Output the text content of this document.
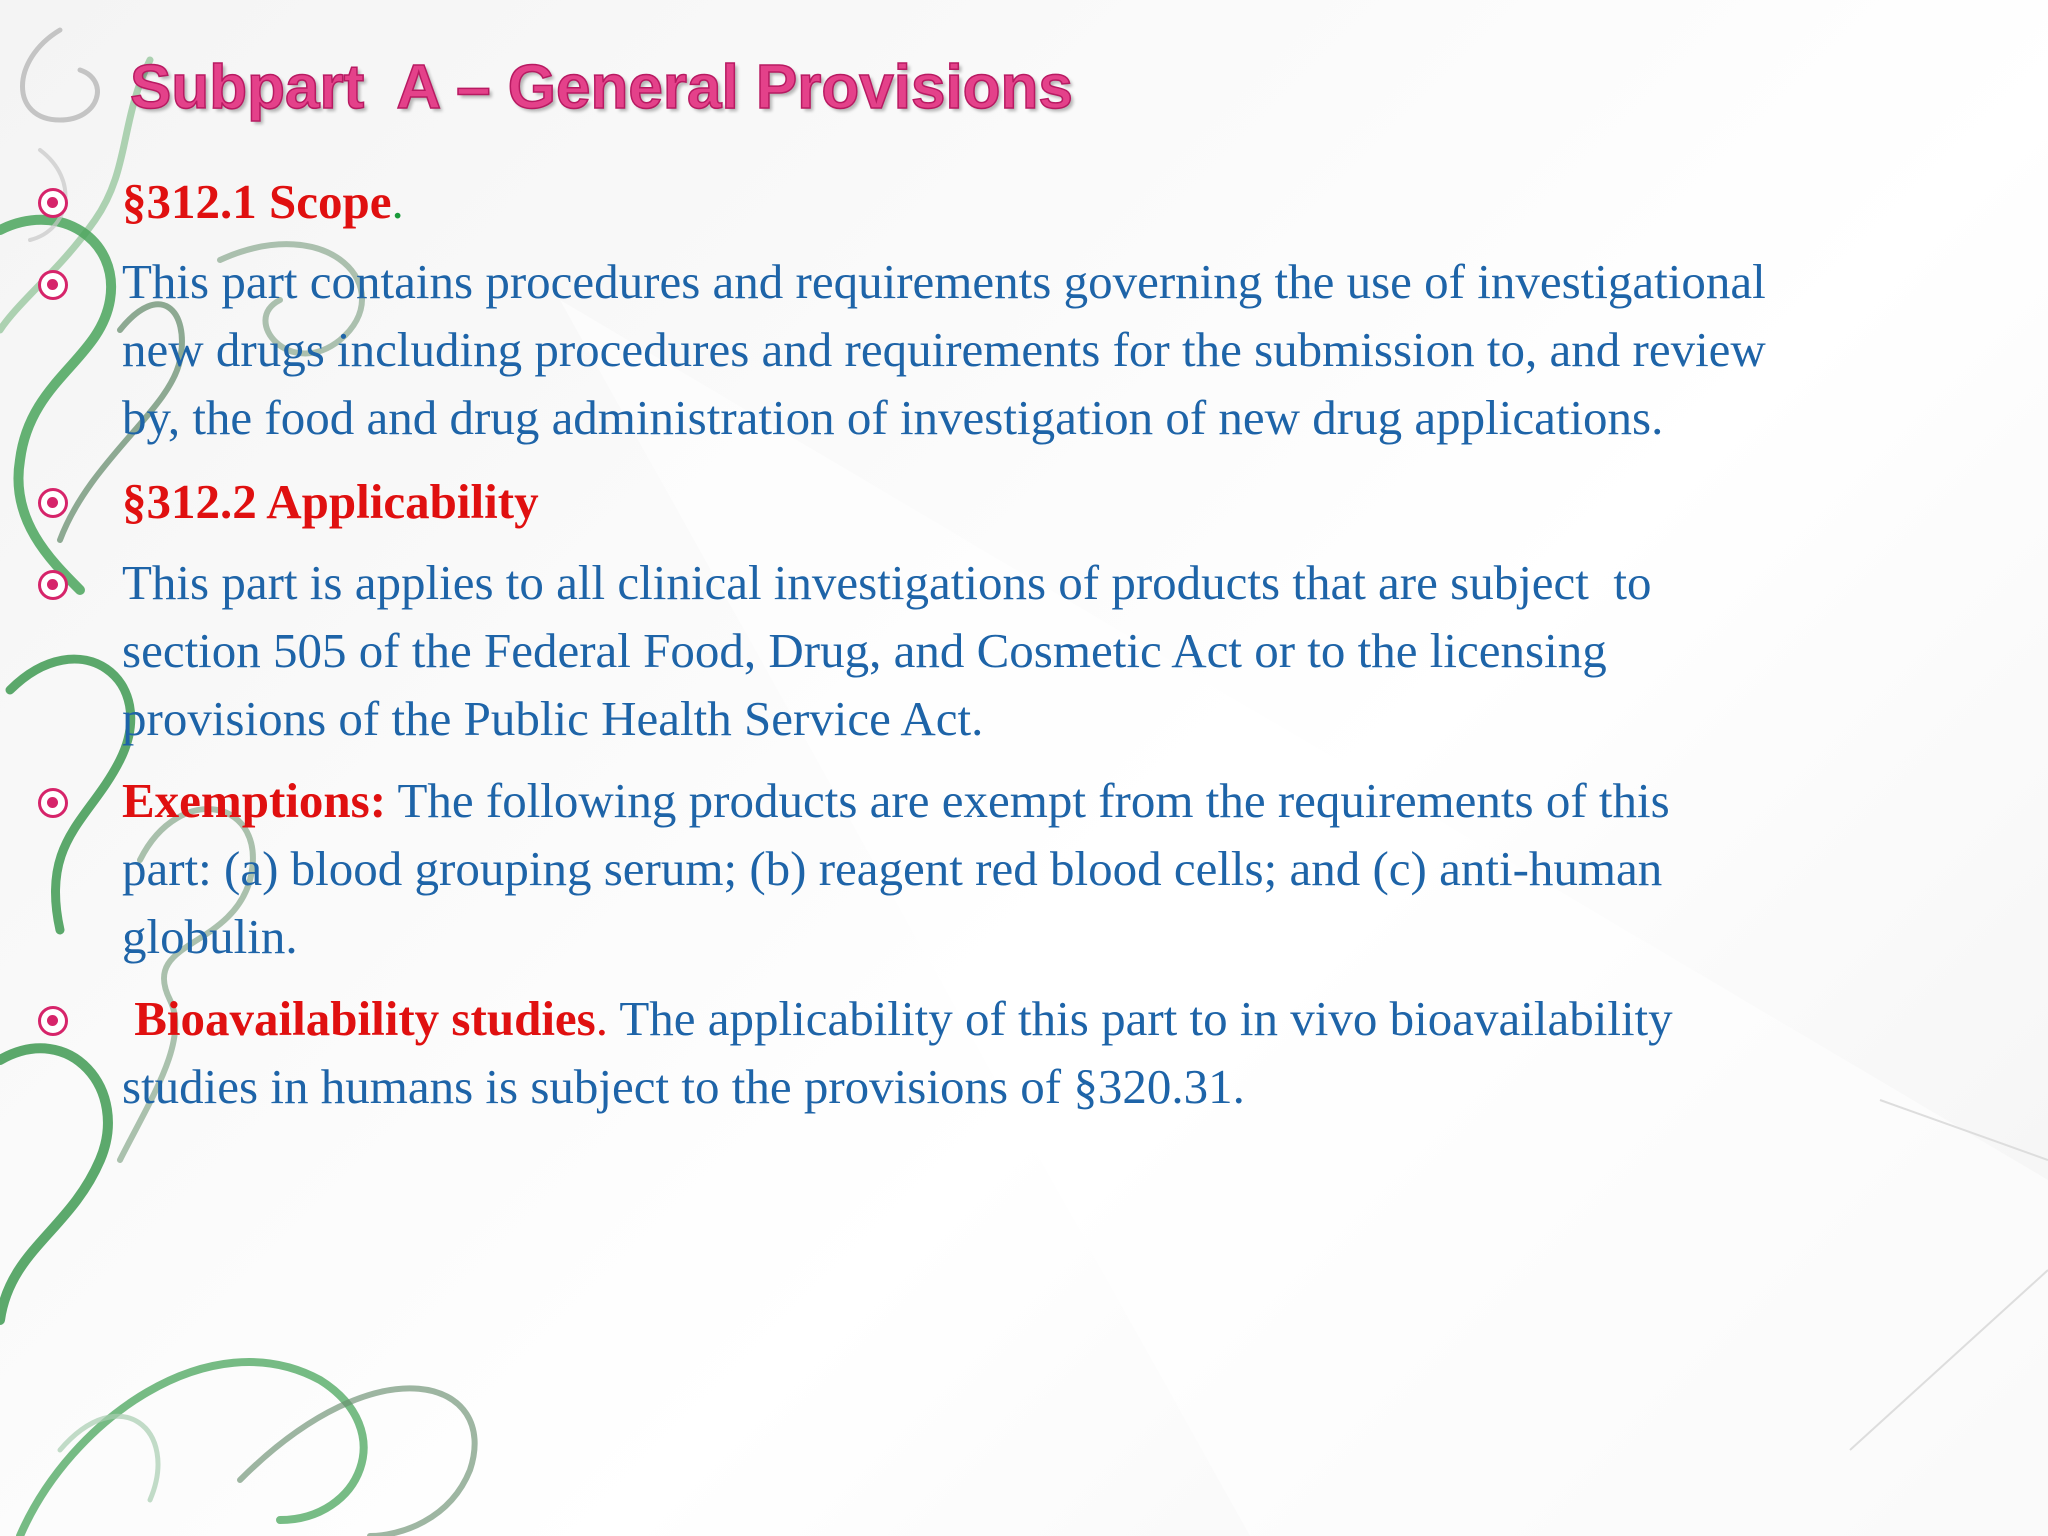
Subpart  A – General Provisions

§312.1 Scope.

This part contains procedures and requirements governing the use of investigational
new drugs including procedures and requirements for the submission to, and review
by, the food and drug administration of investigation of new drug applications.

§312.2 Applicability

This part is applies to all clinical investigations of products that are subject  to
section 505 of the Federal Food, Drug, and Cosmetic Act or to the licensing
provisions of the Public Health Service Act.

Exemptions: The following products are exempt from the requirements of this
part: (a) blood grouping serum; (b) reagent red blood cells; and (c) anti-human
globulin.

Bioavailability studies. The applicability of this part to in vivo bioavailability
studies in humans is subject to the provisions of §320.31.
